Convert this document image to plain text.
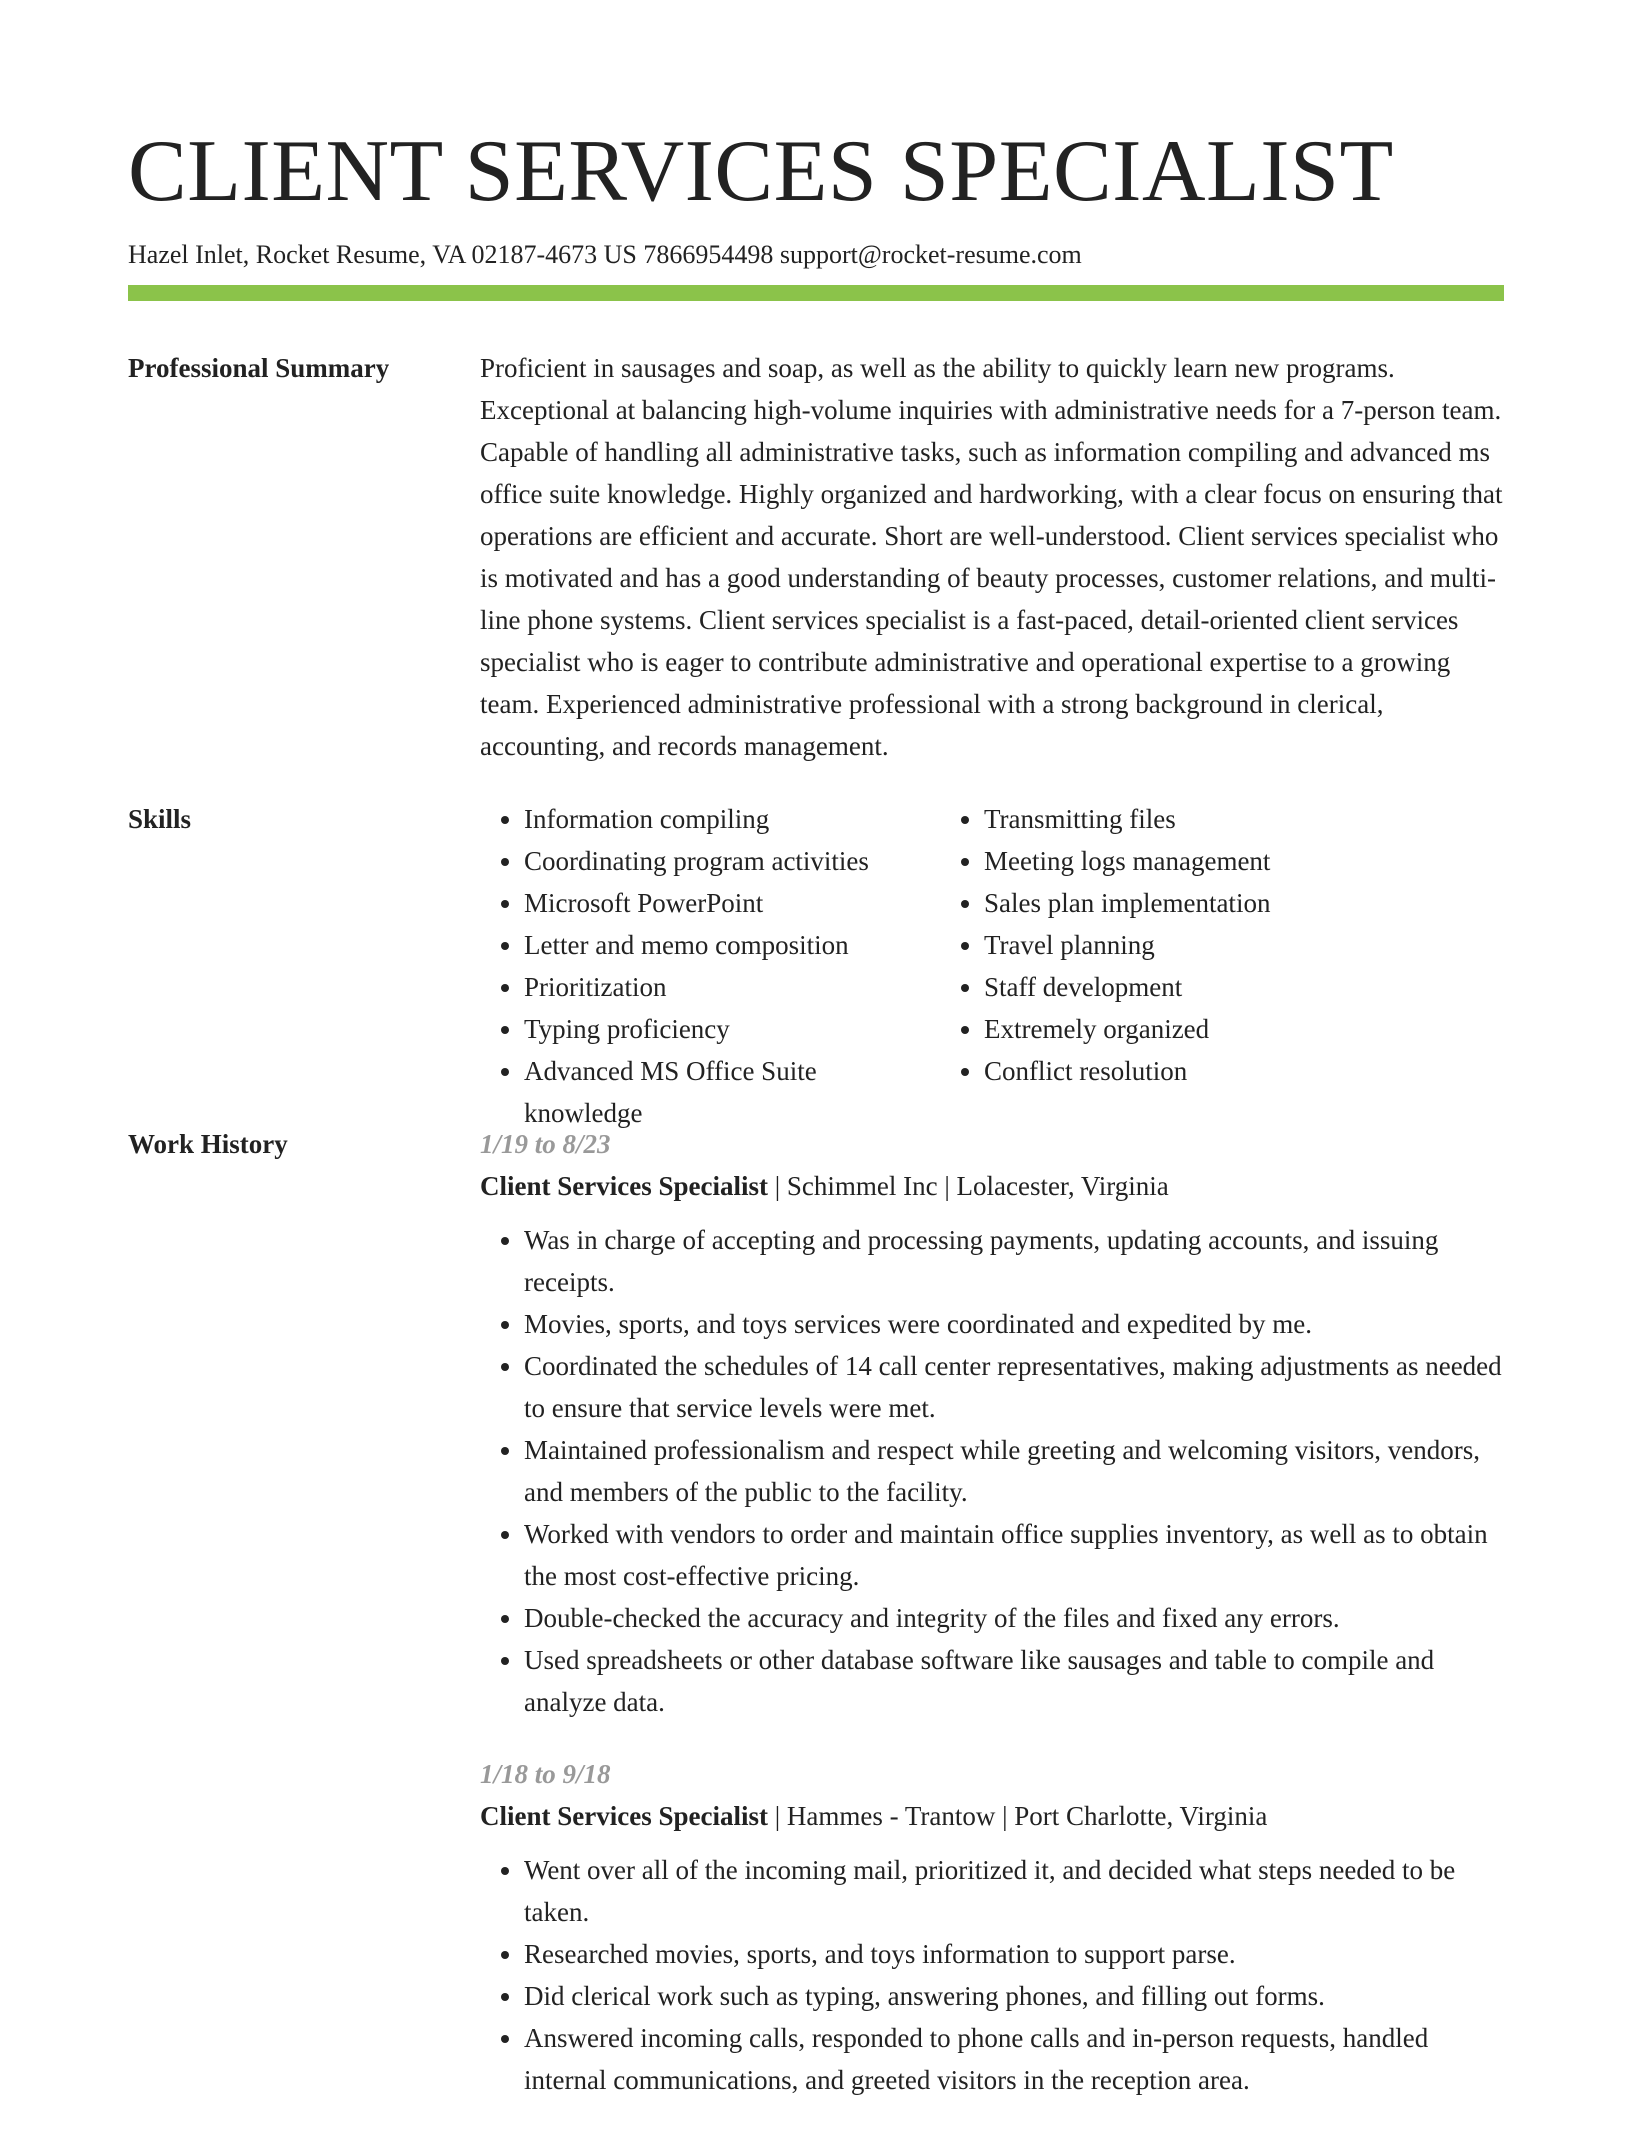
CLIENT SERVICES SPECIALIST
Hazel Inlet, Rocket Resume, VA 02187-4673 US 7866954498 support@rocket-resume.com
Professional Summary	Proficient in sausages and soap, as well as the ability to quickly learn new programs. Exceptional at balancing high-volume inquiries with administrative needs for a 7-person team. Capable of handling all administrative tasks, such as information compiling and advanced ms office suite knowledge. Highly organized and hardworking, with a clear focus on ensuring that operations are efficient and accurate. Short are well-understood. Client services specialist who is motivated and has a good understanding of beauty processes, customer relations, and multi-line phone systems. Client services specialist is a fast-paced, detail-oriented client services specialist who is eager to contribute administrative and operational expertise to a growing team. Experienced administrative professional with a strong background in clerical, accounting, and records management.

Skills
•	Information compiling
• Coordinating program activities
• Microsoft PowerPoint
• Letter and memo composition
• Prioritization
• Typing proficiency
• Advanced MS Office Suite knowledge
• Transmitting files
• Meeting logs management
• Sales plan implementation
• Travel planning
• Staff development
• Extremely organized
• Conflict resolution
Work History	1/19 to 8/23
Client Services Specialist | Schimmel Inc | Lolacester, Virginia
• Was in charge of accepting and processing payments, updating accounts, and issuing receipts.
• Movies, sports, and toys services were coordinated and expedited by me.
• Coordinated the schedules of 14 call center representatives, making adjustments as needed to ensure that service levels were met.
• Maintained professionalism and respect while greeting and welcoming visitors, vendors, and members of the public to the facility.
• Worked with vendors to order and maintain office supplies inventory, as well as to obtain the most cost-effective pricing.
• Double-checked the accuracy and integrity of the files and fixed any errors.
• Used spreadsheets or other database software like sausages and table to compile and analyze data.
1/18 to 9/18
Client Services Specialist | Hammes - Trantow | Port Charlotte, Virginia
• Went over all of the incoming mail, prioritized it, and decided what steps needed to be taken.
• Researched movies, sports, and toys information to support parse.
• Did clerical work such as typing, answering phones, and filling out forms.
• Answered incoming calls, responded to phone calls and in-person requests, handled internal communications, and greeted visitors in the reception area.
